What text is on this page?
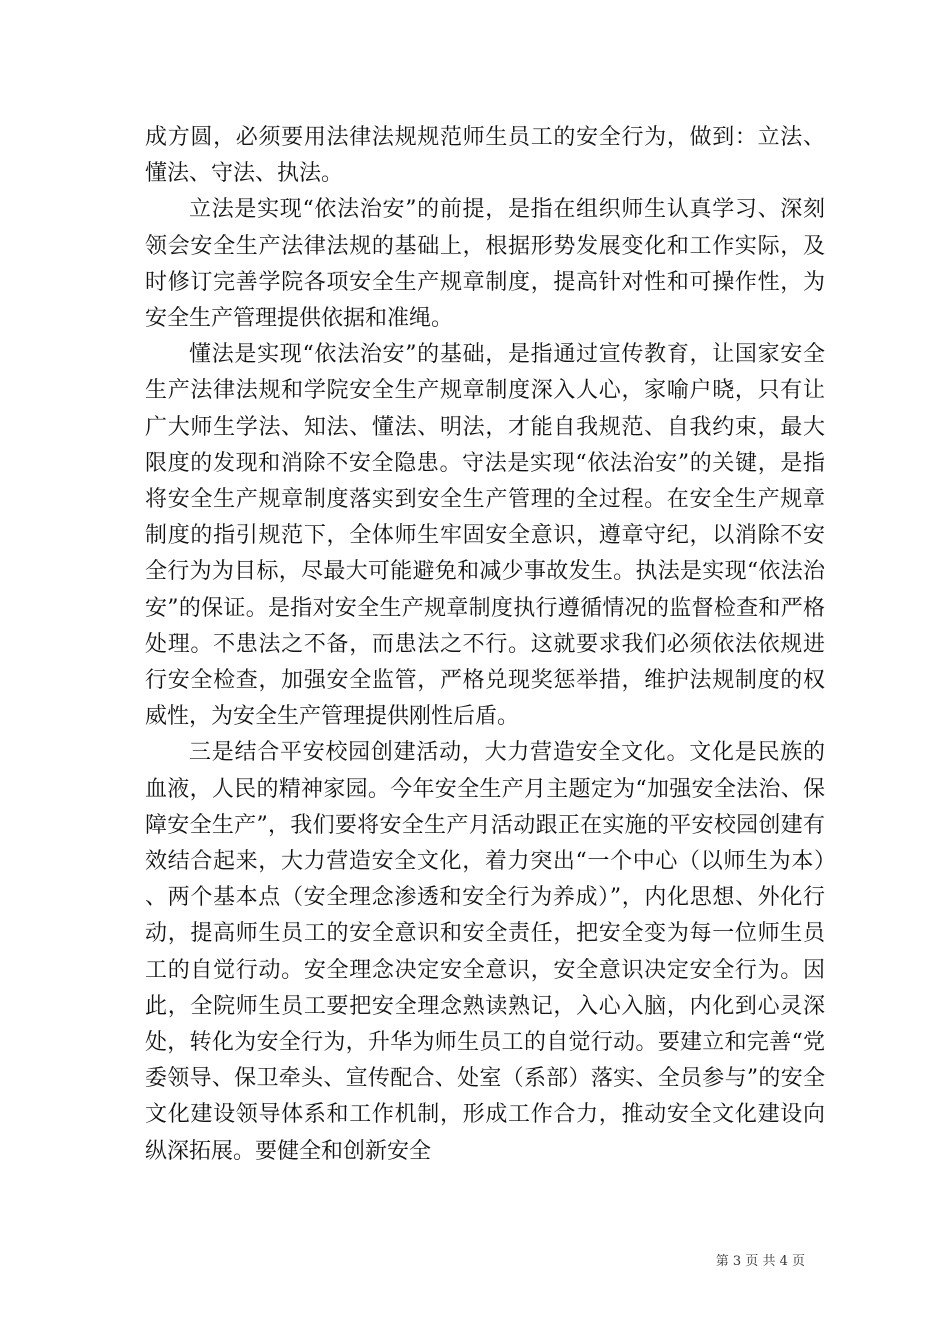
成方圆，必须要用法律法规规范师生员工的安全行为，做到：立法、懂法、守法、执法。

立法是实现“依法治安”的前提，是指在组织师生认真学习、深刻领会安全生产法律法规的基础上，根据形势发展变化和工作实际，及时修订完善学院各项安全生产规章制度，提高针对性和可操作性，为安全生产管理提供依据和准绳。

懂法是实现“依法治安”的基础，是指通过宣传教育，让国家安全生产法律法规和学院安全生产规章制度深入人心，家喻户晓，只有让广大师生学法、知法、懂法、明法，才能自我规范、自我约束，最大限度的发现和消除不安全隐患。守法是实现“依法治安”的关键，是指将安全生产规章制度落实到安全生产管理的全过程。在安全生产规章制度的指引规范下，全体师生牢固安全意识，遵章守纪，以消除不安全行为为目标，尽最大可能避免和减少事故发生。执法是实现“依法治安”的保证。是指对安全生产规章制度执行遵循情况的监督检查和严格处理。不患法之不备，而患法之不行。这就要求我们必须依法依规进行安全检查，加强安全监管，严格兑现奖惩举措，维护法规制度的权威性，为安全生产管理提供刚性后盾。

三是结合平安校园创建活动，大力营造安全文化。文化是民族的血液，人民的精神家园。今年安全生产月主题定为“加强安全法治、保障安全生产”，我们要将安全生产月活动跟正在实施的平安校园创建有效结合起来，大力营造安全文化，着力突出“一个中心（以师生为本）、两个基本点（安全理念渗透和安全行为养成）”，内化思想、外化行动，提高师生员工的安全意识和安全责任，把安全变为每一位师生员工的自觉行动。安全理念决定安全意识，安全意识决定安全行为。因此，全院师生员工要把安全理念熟读熟记，入心入脑，内化到心灵深处，转化为安全行为，升华为师生员工的自觉行动。要建立和完善“党委领导、保卫牵头、宣传配合、处室（系部）落实、全员参与”的安全文化建设领导体系和工作机制，形成工作合力，推动安全文化建设向纵深拓展。要健全和创新安全

第 3 页 共 4 页
